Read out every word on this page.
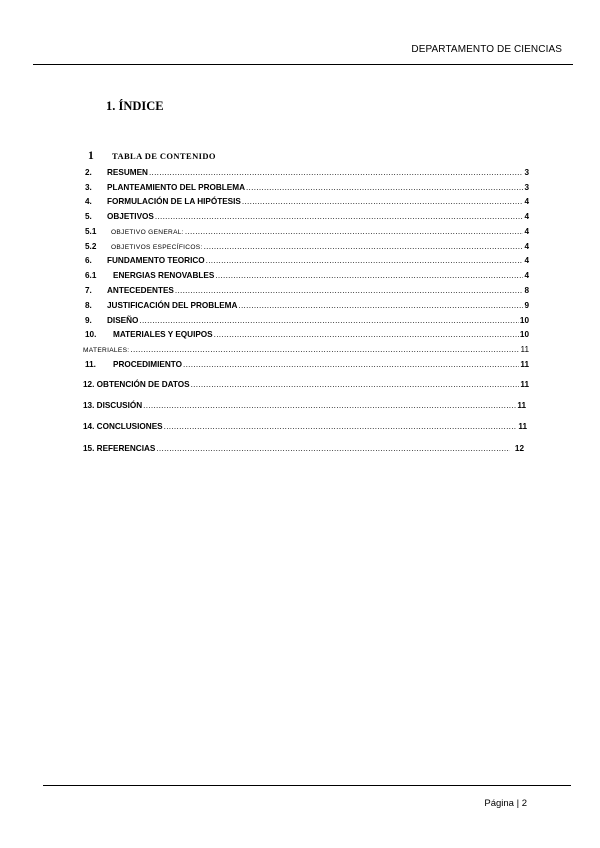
DEPARTAMENTO DE CIENCIAS
1. ÍNDICE
1 TABLA DE CONTENIDO
2.	RESUMEN .....	3
3.	PLANTEAMIENTO DEL PROBLEMA .....	3
4.	FORMULACIÓN DE LA HIPÓTESIS .....	4
5.	OBJETIVOS .....	4
5.1	OBJETIVO GENERAL: .....	4
5.2	OBJETIVOS ESPECÍFICOS: .....	4
6.	FUNDAMENTO TEORICO .....	4
6.1	ENERGIAS RENOVABLES .....	4
7.	ANTECEDENTES .....	8
8.	JUSTIFICACIÓN DEL PROBLEMA .....	9
9.	DISEÑO .....	10
10.	MATERIALES Y EQUIPOS .....	10
MATERIALES: .....	11
11.	PROCEDIMIENTO .....	11
12. OBTENCIÓN DE DATOS .....	11
13. DISCUSIÓN .....	11
14. CONCLUSIONES .....	11
15. REFERENCIAS .....	12
Página | 2
